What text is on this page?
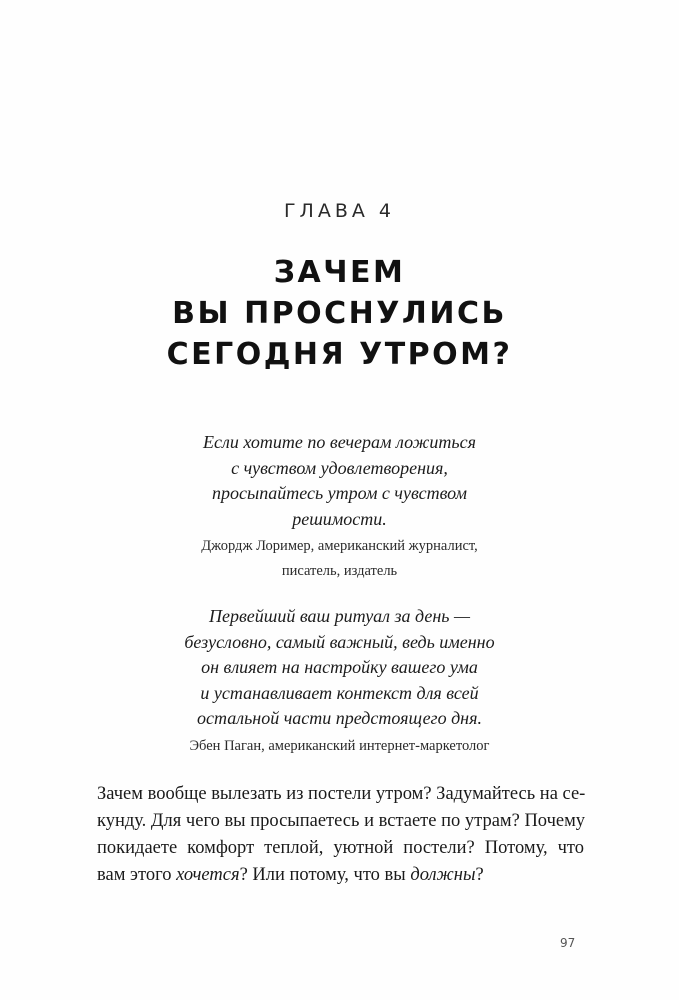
ГЛАВА 4
ЗАЧЕМ
ВЫ ПРОСНУЛИСЬ
СЕГОДНЯ УТРОМ?
Если хотите по вечерам ложиться
с чувством удовлетворения,
просыпайтесь утром с чувством
решимости.
Джордж Лоример, американский журналист,
писатель, издатель
Первейший ваш ритуал за день —
безусловно, самый важный, ведь именно
он влияет на настройку вашего ума
и устанавливает контекст для всей
остальной части предстоящего дня.
Эбен Паган, американский интернет-маркетолог

Зачем вообще вылезать из постели утром? Задумайтесь на се-
кунду. Для чего вы просыпаетесь и встаете по утрам? Почему
покидаете комфорт теплой, уютной постели? Потому, что
вам этого хочется? Или потому, что вы должны?

97
